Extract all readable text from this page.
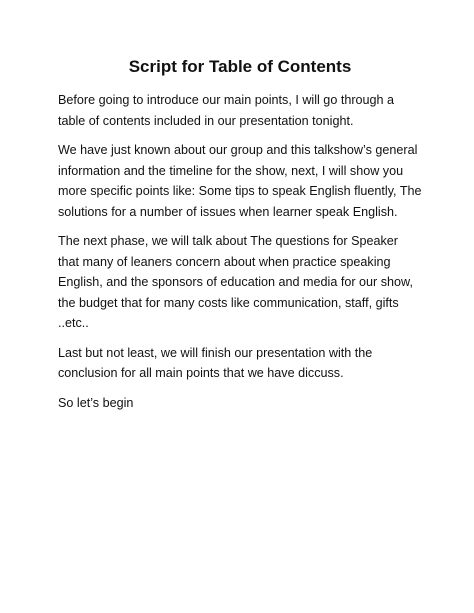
Script for Table of Contents

Before going to introduce our main points, I will go through a table of contents included in our presentation tonight.

We have just known about our group and this talkshow’s general information and the timeline for the show, next, I will show you more specific points like: Some tips to speak English fluently, The solutions for a number of issues when learner speak English.

The next phase, we will talk about The questions for Speaker that many of leaners concern about when practice speaking English, and the sponsors of education and media for our show, the budget that for many costs like communication, staff, gifts ..etc..

Last but not least, we will finish our presentation with the conclusion for all main points that we have diccuss.

So let’s begin
